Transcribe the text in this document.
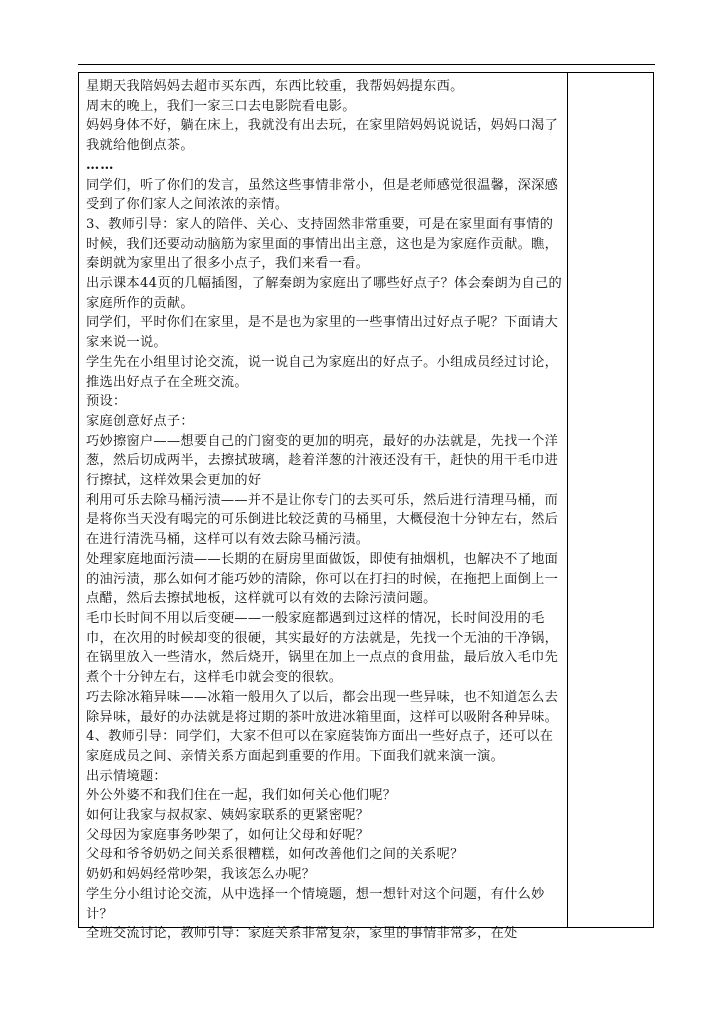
星期天我陪妈妈去超市买东西，东西比较重，我帮妈妈提东西。

周末的晚上，我们一家三口去电影院看电影。

妈妈身体不好，躺在床上，我就没有出去玩，在家里陪妈妈说说话，妈妈口渴了我就给他倒点茶。

……

同学们，听了你们的发言，虽然这些事情非常小，但是老师感觉很温馨，深深感受到了你们家人之间浓浓的亲情。

3、教师引导：家人的陪伴、关心、支持固然非常重要，可是在家里面有事情的时候，我们还要动动脑筋为家里面的事情出出主意，这也是为家庭作贡献。瞧，秦朗就为家里出了很多小点子，我们来看一看。

出示课本44页的几幅插图，了解秦朗为家庭出了哪些好点子？体会秦朗为自己的家庭所作的贡献。

同学们，平时你们在家里，是不是也为家里的一些事情出过好点子呢？下面请大家来说一说。

学生先在小组里讨论交流，说一说自己为家庭出的好点子。小组成员经过讨论，推选出好点子在全班交流。

预设：

家庭创意好点子：

巧妙擦窗户——想要自己的门窗变的更加的明亮，最好的办法就是，先找一个洋葱，然后切成两半，去擦拭玻璃，趁着洋葱的汁液还没有干，赶快的用干毛巾进行擦拭，这样效果会更加的好

利用可乐去除马桶污渍——并不是让你专门的去买可乐，然后进行清理马桶，而是将你当天没有喝完的可乐倒进比较泛黄的马桶里，大概侵泡十分钟左右，然后在进行清洗马桶，这样可以有效去除马桶污渍。

处理家庭地面污渍——长期的在厨房里面做饭，即使有抽烟机，也解决不了地面的油污渍，那么如何才能巧妙的清除，你可以在打扫的时候，在拖把上面倒上一点醋，然后去擦拭地板，这样就可以有效的去除污渍问题。

毛巾长时间不用以后变硬——一般家庭都遇到过这样的情况，长时间没用的毛巾，在次用的时候却变的很硬，其实最好的方法就是，先找一个无油的干净锅，在锅里放入一些清水，然后烧开，锅里在加上一点点的食用盐，最后放入毛巾先煮个十分钟左右，这样毛巾就会变的很软。

巧去除冰箱异味——冰箱一般用久了以后，都会出现一些异味，也不知道怎么去除异味，最好的办法就是将过期的茶叶放进冰箱里面，这样可以吸附各种异味。

4、教师引导：同学们，大家不但可以在家庭装饰方面出一些好点子，还可以在家庭成员之间、亲情关系方面起到重要的作用。下面我们就来演一演。

出示情境题：

外公外婆不和我们住在一起，我们如何关心他们呢？

如何让我家与叔叔家、姨妈家联系的更紧密呢？

父母因为家庭事务吵架了，如何让父母和好呢？

父母和爷爷奶奶之间关系很糟糕，如何改善他们之间的关系呢？

奶奶和妈妈经常吵架，我该怎么办呢？

学生分小组讨论交流，从中选择一个情境题，想一想针对这个问题，有什么妙计？

全班交流讨论，教师引导：家庭关系非常复杂，家里的事情非常多，在处
